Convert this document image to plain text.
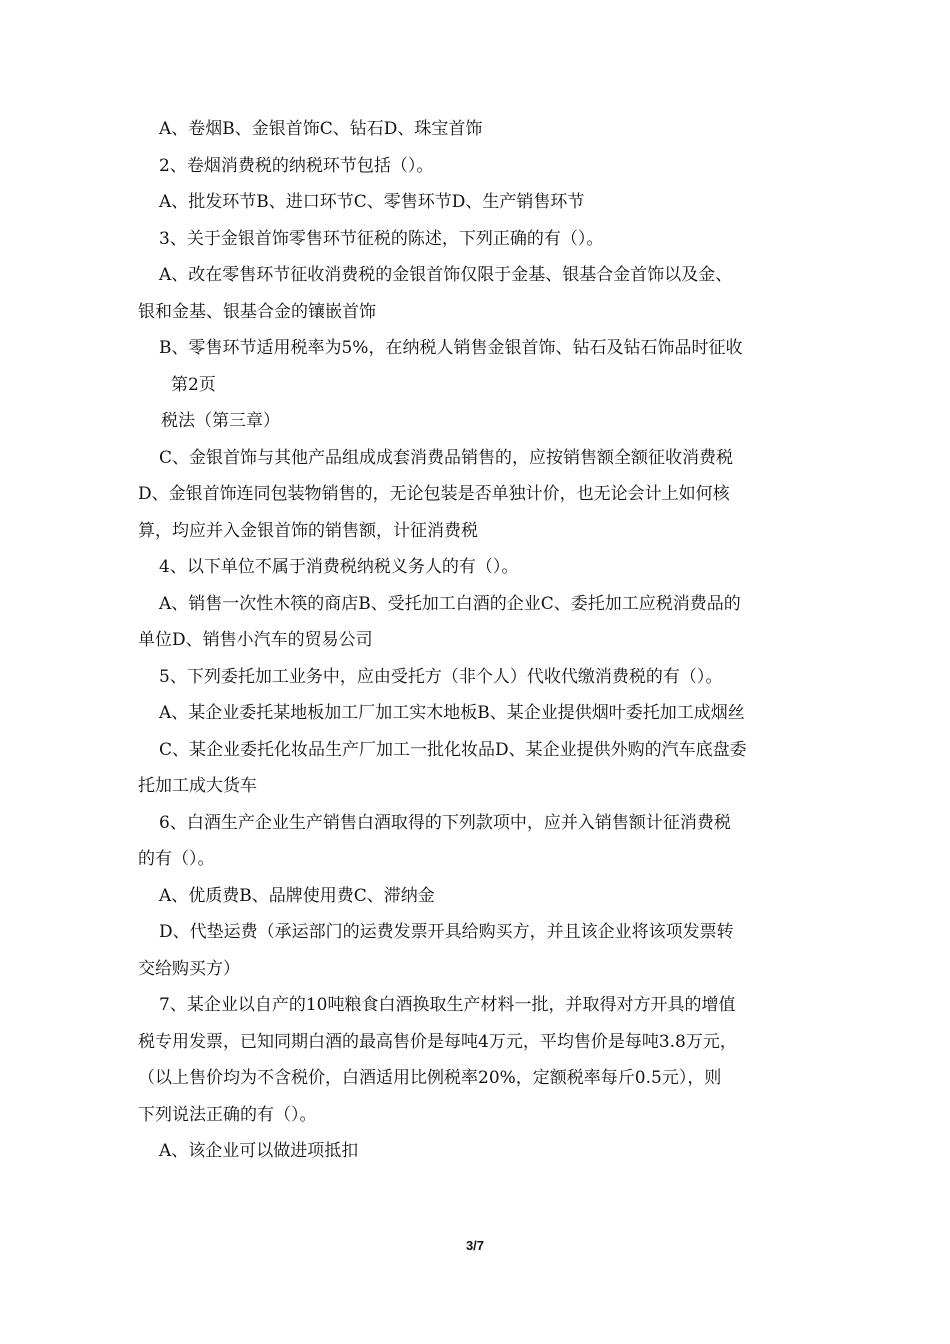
A、卷烟B、金银首饰C、钻石D、珠宝首饰
2、卷烟消费税的纳税环节包括（）。
A、批发环节B、进口环节C、零售环节D、生产销售环节
3、关于金银首饰零售环节征税的陈述，下列正确的有（）。
A、改在零售环节征收消费税的金银首饰仅限于金基、银基合金首饰以及金、
银和金基、银基合金的镶嵌首饰
B、零售环节适用税率为5%，在纳税人销售金银首饰、钻石及钻石饰品时征收
第2页
税法（第三章）
C、金银首饰与其他产品组成成套消费品销售的，应按销售额全额征收消费税
D、金银首饰连同包装物销售的，无论包装是否单独计价，也无论会计上如何核
算，均应并入金银首饰的销售额，计征消费税
4、以下单位不属于消费税纳税义务人的有（）。
A、销售一次性木筷的商店B、受托加工白酒的企业C、委托加工应税消费品的
单位D、销售小汽车的贸易公司
5、下列委托加工业务中，应由受托方（非个人）代收代缴消费税的有（）。
A、某企业委托某地板加工厂加工实木地板B、某企业提供烟叶委托加工成烟丝
C、某企业委托化妆品生产厂加工一批化妆品D、某企业提供外购的汽车底盘委
托加工成大货车
6、白酒生产企业生产销售白酒取得的下列款项中，应并入销售额计征消费税
的有（）。
A、优质费B、品牌使用费C、滞纳金
D、代垫运费（承运部门的运费发票开具给购买方，并且该企业将该项发票转
交给购买方）
7、某企业以自产的10吨粮食白酒换取生产材料一批，并取得对方开具的增值
税专用发票，已知同期白酒的最高售价是每吨4万元，平均售价是每吨3.8万元，
（以上售价均为不含税价，白酒适用比例税率20%，定额税率每斤0.5元），则
下列说法正确的有（）。
A、该企业可以做进项抵扣
3/7
